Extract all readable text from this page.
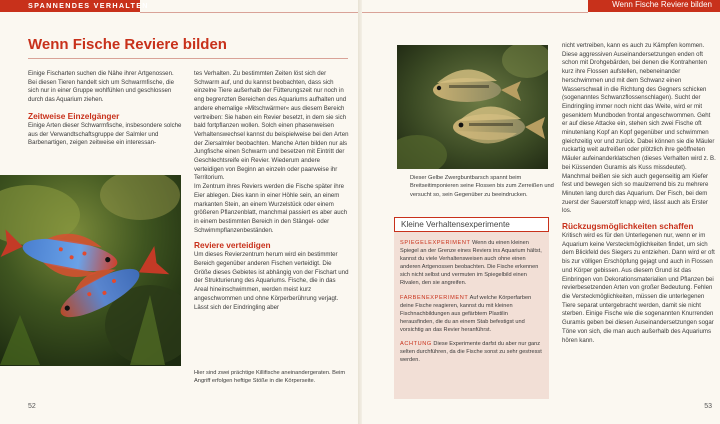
SPANNENDES VERHALTEN
Wenn Fische Reviere bilden

Einige Fischarten suchen die Nähe ihrer Artgenossen. Bei diesen Tieren handelt sich um Schwarmfische, die sich nur in einer Gruppe wohlfühlen und geschlossen durch das Aquarium ziehen.

Zeitweise Einzelgänger

Einige Arten dieser Schwarmfische, insbesondere solche aus der Verwandtschaftsgruppe der Salmler und Barbenartigen, zeigen zeitweise ein interessan-

tes Verhalten. Zu bestimmten Zeiten löst sich der Schwarm auf, und du kannst beobachten, dass sich einzelne Tiere außerhalb der Fütterungszeit nur noch in eng begrenzten Bereichen des Aquariums aufhalten und andere ehemalige »Mitschwärmer« aus diesem Bereich vertreiben: Sie haben ein Revier besetzt, in dem sie sich bald fortpflanzen wollen. Solch einen phasenweisen Verhaltenswechsel kannst du beispielweise bei den Arten der Ziersalmler beobachten. Manche Arten bilden nur als Jungfische einen Schwarm und besetzen mit Eintritt der Geschlechtsreife ein Revier. Wiederum andere verteidigen von Beginn an einzeln oder paarweise ihr Territorium.

Im Zentrum ihres Reviers werden die Fische später ihre Eier ablegen. Dies kann in einer Höhle sein, an einem markanten Stein, an einem Wurzelstück oder einem größeren Pflanzenblatt, manchmal passiert es aber auch in einem bestimmten Bereich in den Stängel- oder Schwimmpflanzenbeständen.

Reviere verteidigen

Um dieses Revierzentrum herum wird ein bestimmter Bereich gegenüber anderen Fischen verteidigt. Die Größe dieses Gebietes ist abhängig von der Fischart und der Strukturierung des Aquariums. Fische, die in das Areal hineinschwimmen, werden meist kurz angeschwommen und ohne Körperberührung verjagt. Lässt sich der Eindringling aber

Hier sind zwei prächtige Killifische aneinandergeraten. Beim Angriff erfolgen heftige Stöße in die Körperseite.
52
Wenn Fische Reviere bilden
Dieser Gelbe Zwergbuntbarsch spannt beim Breitseitimponieren seine Flossen bis zum Zerreißen und versucht so, sein Gegenüber zu beeindrucken.
Kleine Verhaltensexperimente

SPIEGELEXPERIMENT Wenn du einen kleinen Spiegel an der Grenze eines Reviers ins Aquarium hältst, kannst du viele Verhaltensweisen auch ohne einen anderen Artgenossen beobachten. Die Fische erkennen sich nicht selbst und vermuten im Spiegelbild einen Rivalen, den sie angreifen.

FARBENEXPERIMENT Auf welche Körperfarben deine Fische reagieren, kannst du mit kleinen Fischnachbildungen aus gefärbtem Plastilin herausfinden, die du an einem Stab befestigst und vorsichtig an das Revier heranführst.

ACHTUNG Diese Experimente darfst du aber nur ganz selten durchführen, da die Fische sonst zu sehr gestresst werden.

nicht vertreiben, kann es auch zu Kämpfen kommen. Diese aggressiven Auseinandersetzungen enden oft schon mit Drohgebärden, bei denen die Kontrahenten kurz ihre Flossen aufstellen, nebeneinander herschwimmen und mit dem Schwanz einen Wasserschwall in die Richtung des Gegners schicken (sogenanntes Schwanzflossenschlagen). Sucht der Eindringling immer noch nicht das Weite, wird er mit gesenktem Mundboden frontal angeschwommen. Geht er auf diese Attacke ein, stehen sich zwei Fische oft minutenlang Kopf an Kopf gegenüber und schwimmen gleichzeitig vor und zurück. Dabei können sie die Mäuler ruckartig weit aufreißen oder plötzlich ihre geöffneten Mäuler aufeinanderklatschen (dieses Verhalten wird z. B. bei Küssenden Guramis als Kuss missdeutet). Manchmal beißen sie sich auch gegenseitig am Kiefer fest und bewegen sich so maulzerrend bis zu mehrere Minuten lang durch das Aquarium. Der Fisch, bei dem zuerst der Sauerstoff knapp wird, lässt auch als Erster los.

Rückzugsmöglichkeiten schaffen

Kritisch wird es für den Unterlegenen nur, wenn er im Aquarium keine Versteckmöglichkeiten findet, um sich dem Blickfeld des Siegers zu entziehen. Dann wird er oft bis zur völligen Erschöpfung gejagt und auch in Flossen und Körper gebissen. Aus diesem Grund ist das Einbringen von Dekorationsmaterialien und Pflanzen bei revierbesetzenden Arten von großer Bedeutung. Fehlen die Versteckmöglichkeiten, müssen die unterlegenen Tiere separat untergebracht werden, damit sie nicht sterben. Einige Fische wie die sogenannten Knurrenden Guramis geben bei diesen Auseinandersetzungen sogar Töne von sich, die man auch außerhalb des Aquariums hören kann.

53
